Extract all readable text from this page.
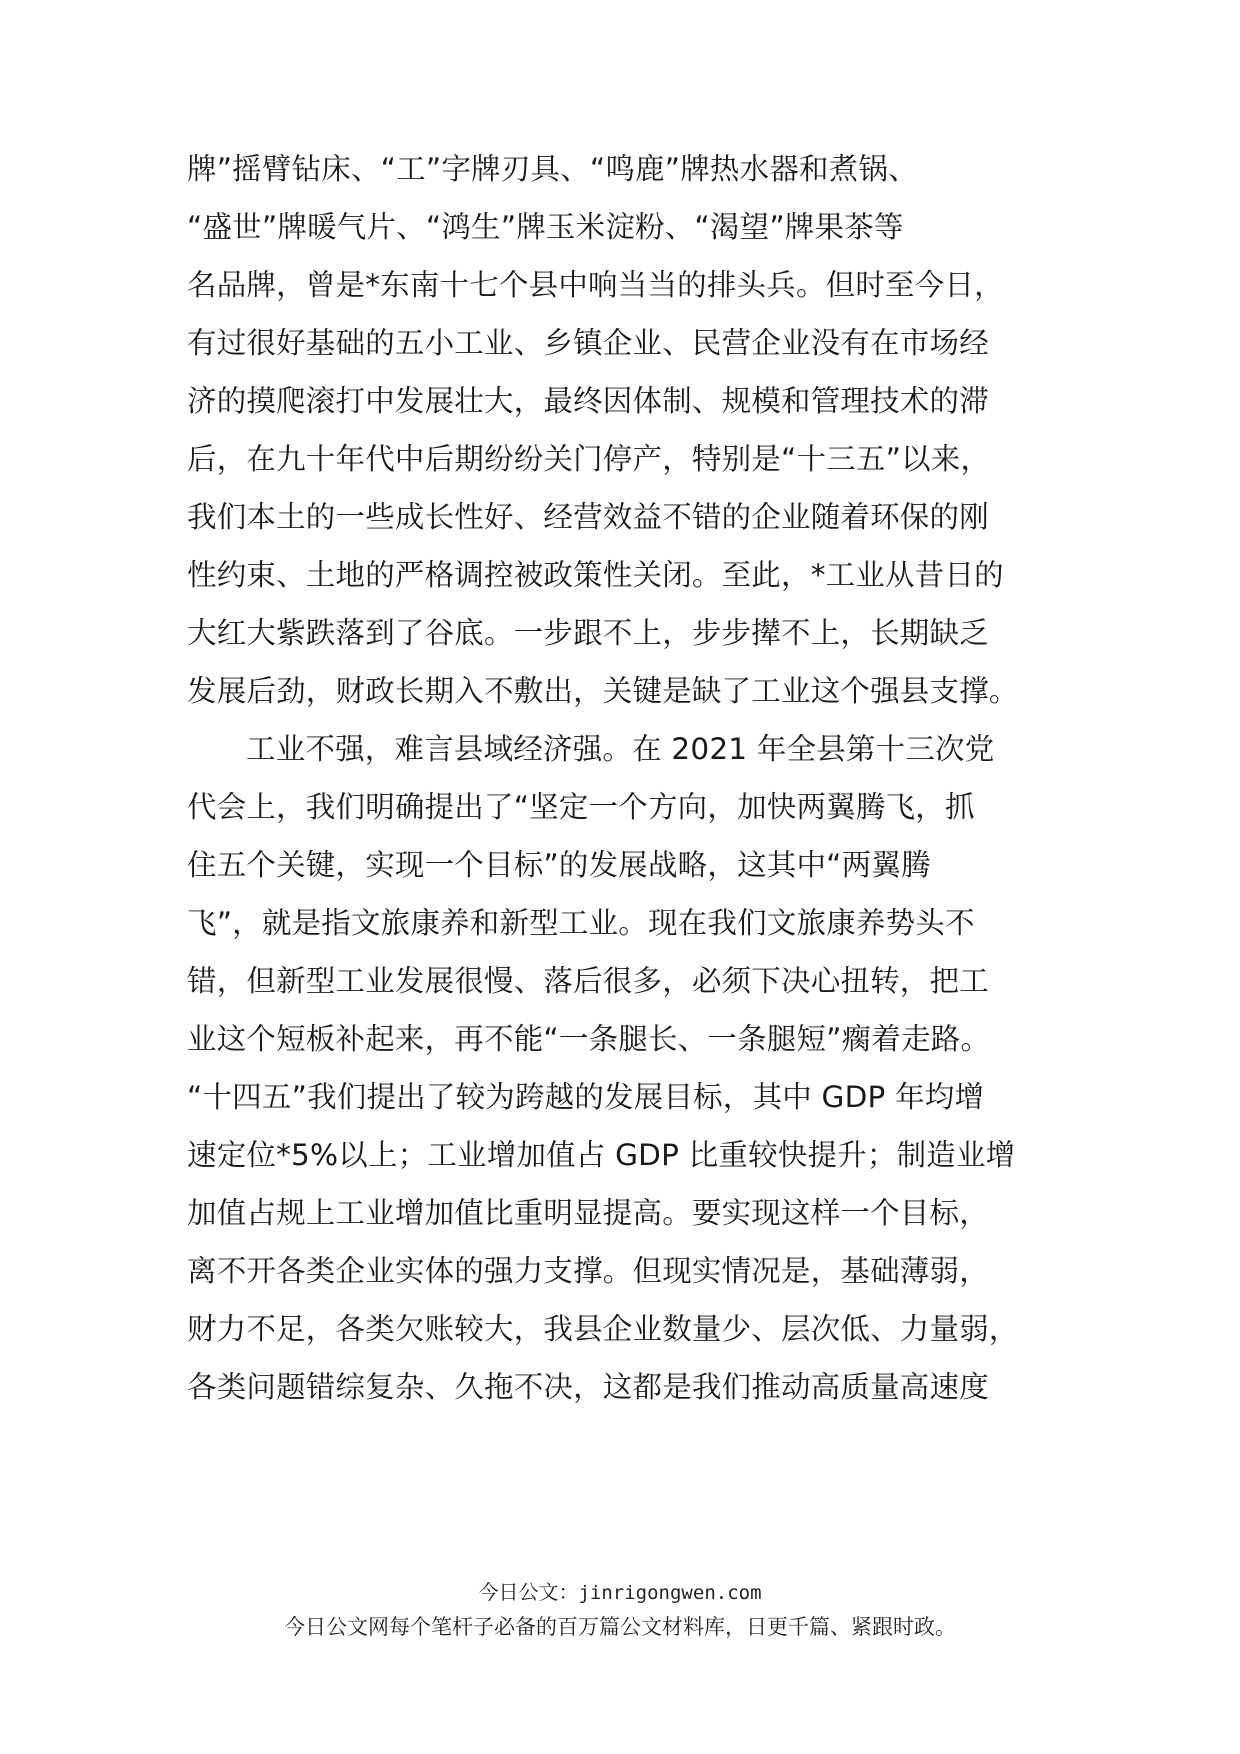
牌”摇臂钻床、“工”字牌刃具、“鸣鹿”牌热水器和煮锅、
“盛世”牌暖气片、“鸿生”牌玉米淀粉、“渴望”牌果茶等
名品牌，曾是*东南十七个县中响当当的排头兵。但时至今日，
有过很好基础的五小工业、乡镇企业、民营企业没有在市场经
济的摸爬滚打中发展壮大，最终因体制、规模和管理技术的滞
后，在九十年代中后期纷纷关门停产，特别是“十三五”以来，
我们本土的一些成长性好、经营效益不错的企业随着环保的刚
性约束、土地的严格调控被政策性关闭。至此，*工业从昔日的
大红大紫跌落到了谷底。一步跟不上，步步撵不上，长期缺乏
发展后劲，财政长期入不敷出，关键是缺了工业这个强县支撑。
工业不强，难言县域经济强。在 2021 年全县第十三次党
代会上，我们明确提出了“坚定一个方向，加快两翼腾飞，抓
住五个关键，实现一个目标”的发展战略，这其中“两翼腾
飞”，就是指文旅康养和新型工业。现在我们文旅康养势头不
错，但新型工业发展很慢、落后很多，必须下决心扭转，把工
业这个短板补起来，再不能“一条腿长、一条腿短”瘸着走路。
“十四五”我们提出了较为跨越的发展目标，其中 GDP 年均增
速定位*5%以上；工业增加值占 GDP 比重较快提升；制造业增
加值占规上工业增加值比重明显提高。要实现这样一个目标，
离不开各类企业实体的强力支撑。但现实情况是，基础薄弱，
财力不足，各类欠账较大，我县企业数量少、层次低、力量弱，
各类问题错综复杂、久拖不决，这都是我们推动高质量高速度
今日公文：jinrigongwen.com
今日公文网每个笔杆子必备的百万篇公文材料库，日更千篇、紧跟时政。
